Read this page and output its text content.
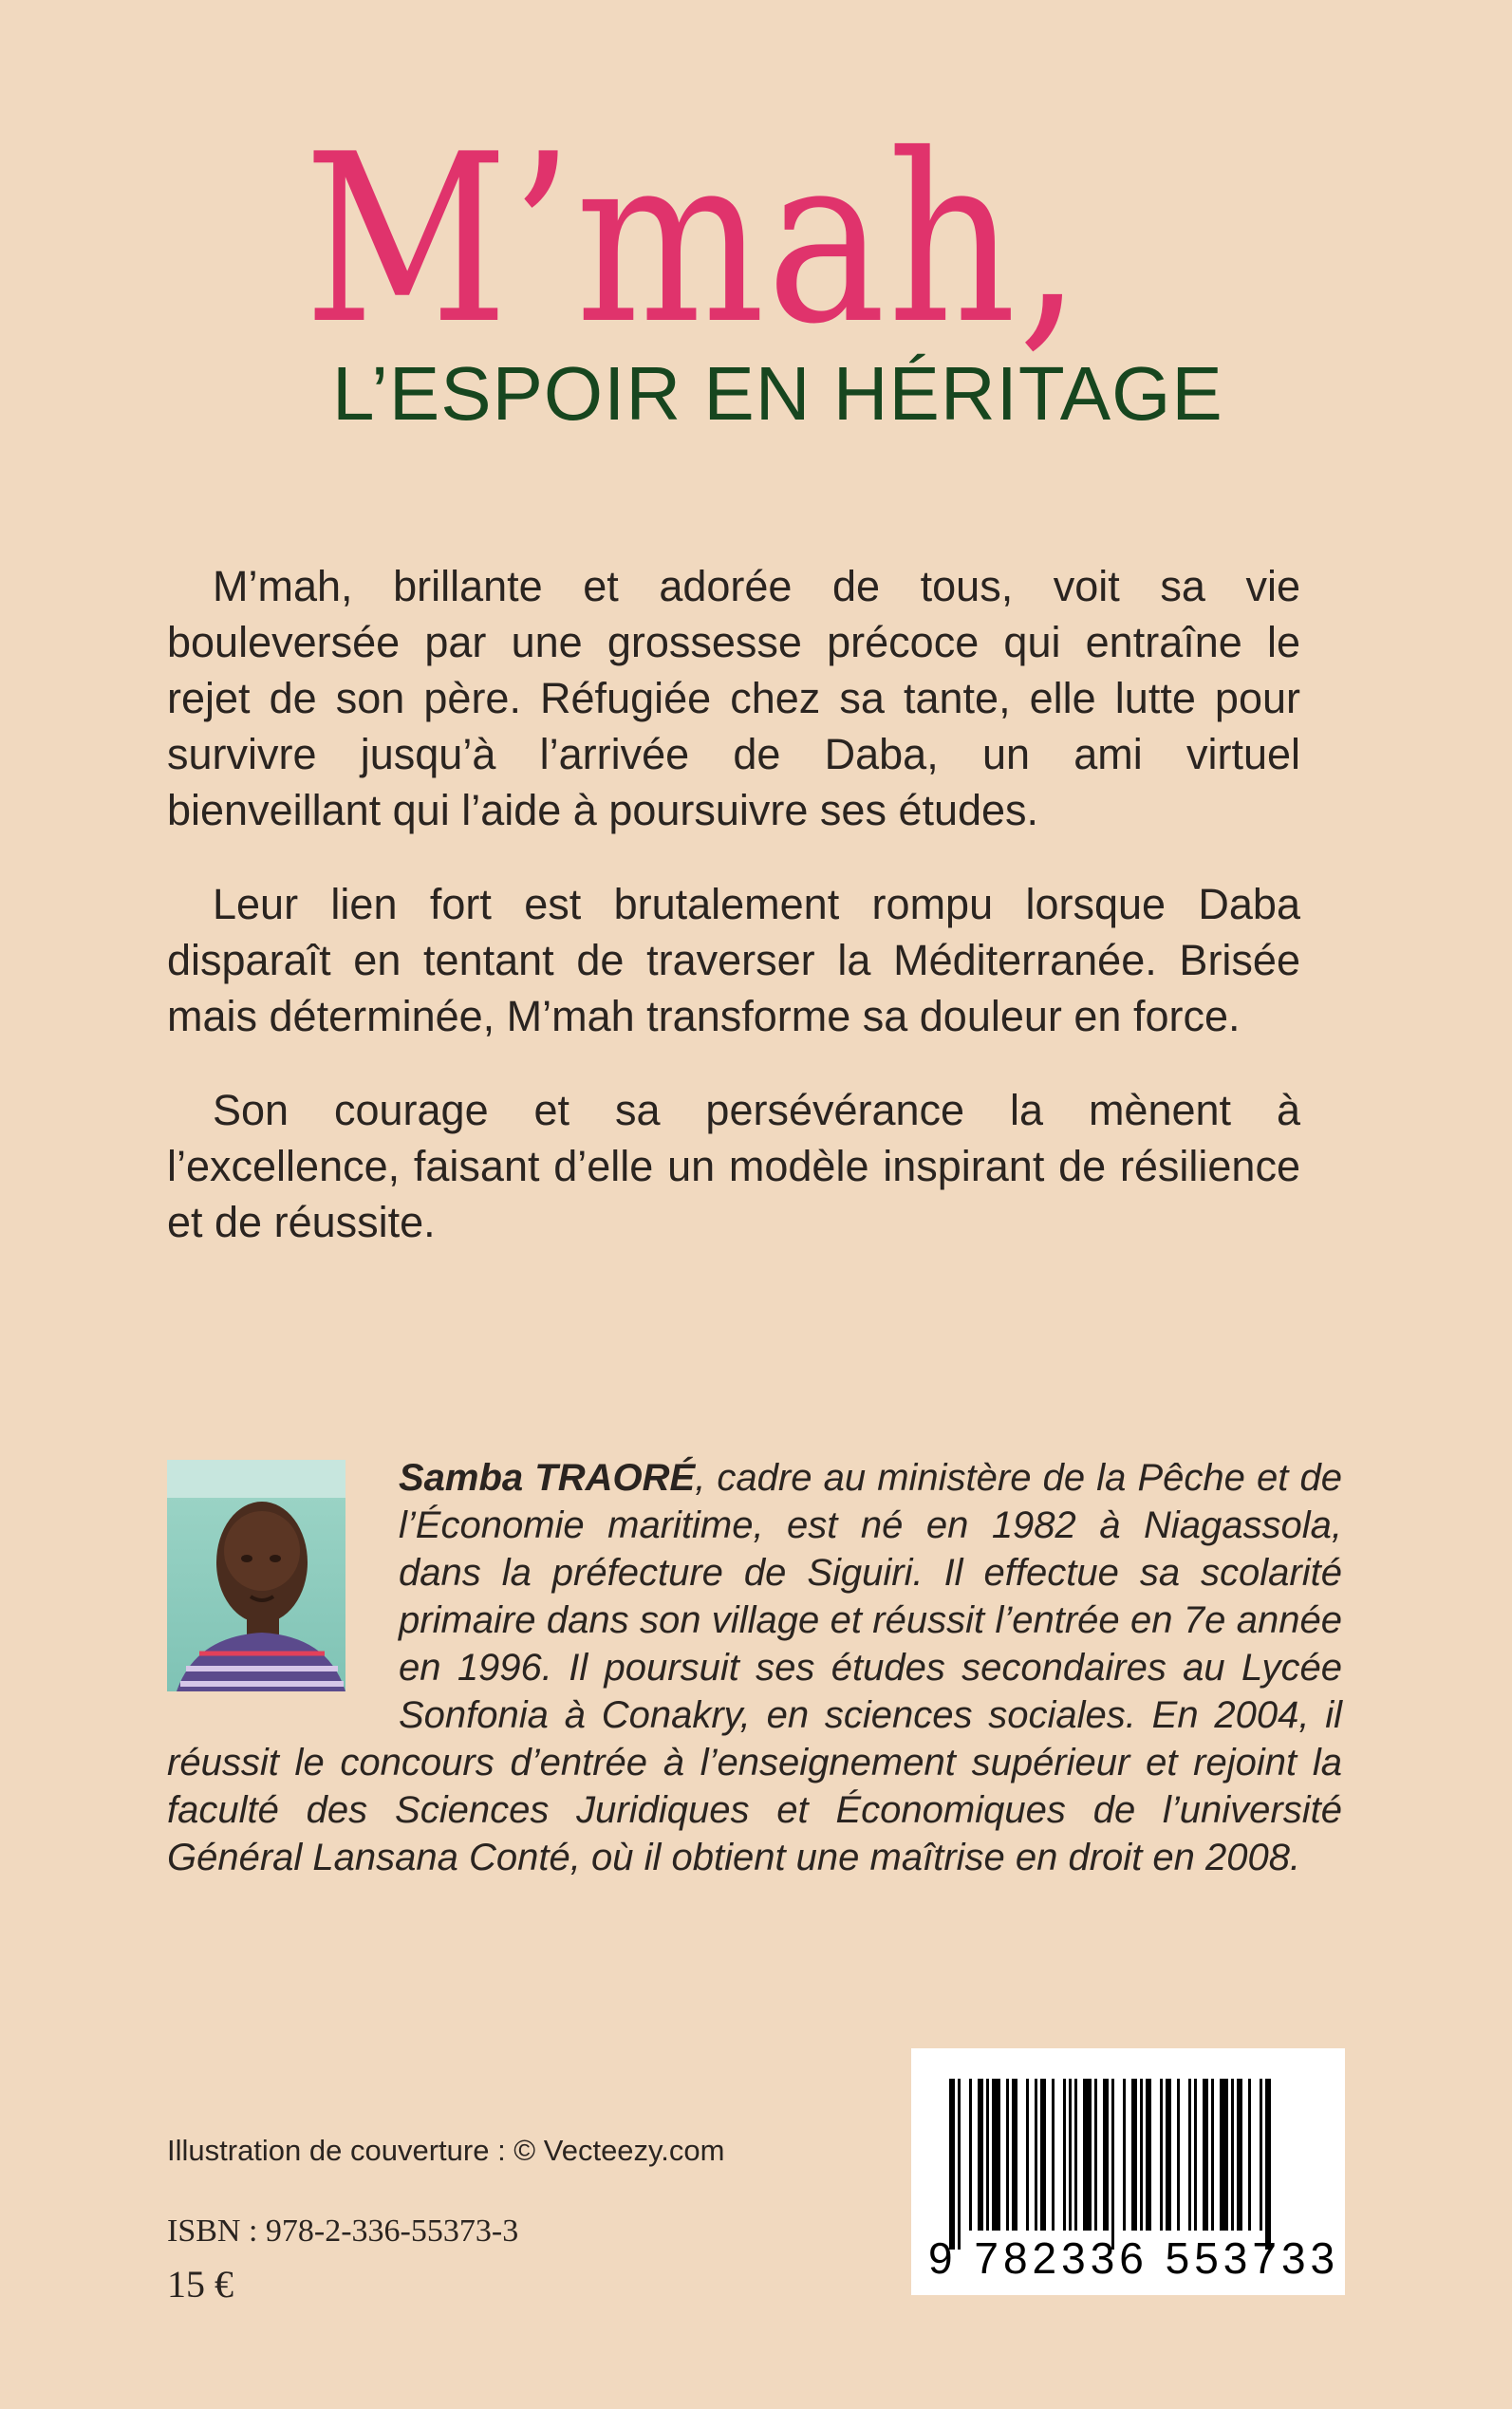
M’mah,
L’ESPOIR EN HÉRITAGE

M’mah, brillante et adorée de tous, voit sa vie bouleversée par une grossesse précoce qui entraîne le rejet de son père. Réfugiée chez sa tante, elle lutte pour survivre jusqu’à l’arrivée de Daba, un ami virtuel bienveillant qui l’aide à poursuivre ses études.

Leur lien fort est brutalement rompu lorsque Daba disparaît en tentant de traverser la Méditerranée. Brisée mais déterminée, M’mah transforme sa douleur en force.

Son courage et sa persévérance la mènent à l’excellence, faisant d’elle un modèle inspirant de résilience et de réussite.

Samba TRAORÉ, cadre au ministère de la Pêche et de l’Économie maritime, est né en 1982 à Niagassola, dans la préfecture de Siguiri. Il effectue sa scolarité primaire dans son village et réussit l’entrée en 7e année en 1996. Il poursuit ses études secondaires au Lycée Sonfonia à Conakry, en sciences sociales. En 2004, il réussit le concours d’entrée à l’enseignement supérieur et rejoint la faculté des Sciences Juridiques et Économiques de l’université Général Lansana Conté, où il obtient une maîtrise en droit en 2008.
Illustration de couverture : © Vecteezy.com
ISBN : 978-2-336-55373-3
15 €
9 782336 553733
